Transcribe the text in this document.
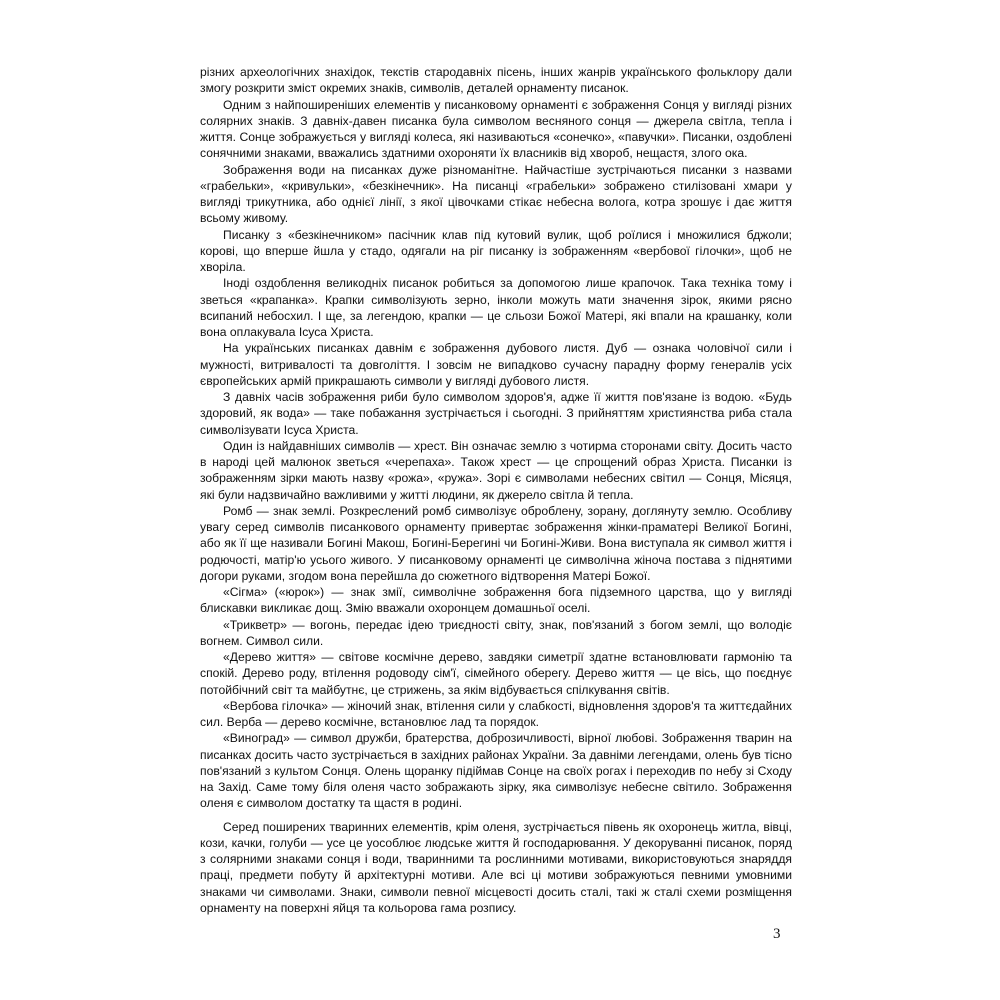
різних археологічних знахідок, текстів стародавніх пісень, інших жанрів українського фольклору дали змогу розкрити зміст окремих знаків, символів, деталей орнаменту писанок.

Одним з найпоширеніших елементів у писанковому орнаменті є зображення Сонця у вигляді різних солярних знаків. З давніх-давен писанка була символом весняного сонця — джерела світла, тепла і життя. Сонце зображується у вигляді колеса, які називаються «сонечко», «павучки». Писанки, оздоблені сонячними знаками, вважались здатними охороняти їх власників від хвороб, нещастя, злого ока.

Зображення води на писанках дуже різноманітне. Найчастіше зустрічаються писанки з назвами «грабельки», «кривульки», «безкінечник». На писанці «грабельки» зображено стилізовані хмари у вигляді трикутника, або однієї лінії, з якої цівочками стікає небесна волога, котра зрошує і дає життя всьому живому.

Писанку з «безкінечником» пасічник клав під кутовий вулик, щоб роїлися і множилися бджоли; корові, що вперше йшла у стадо, одягали на ріг писанку із зображенням «вербової гілочки», щоб не хворіла.

Іноді оздоблення великодніх писанок робиться за допомогою лише крапочок. Така техніка тому і зветься «крапанка». Крапки символізують зерно, інколи можуть мати значення зірок, якими рясно всипаний небосхил. І ще, за легендою, крапки — це сльози Божої Матері, які впали на крашанку, коли вона оплакувала Ісуса Христа.

На українських писанках давнім є зображення дубового листя. Дуб — ознака чоловічої сили і мужності, витривалості та довголіття. І зовсім не випадково сучасну парадну форму генералів усіх європейських армій прикрашають символи у вигляді дубового листя.

З давніх часів зображення риби було символом здоров'я, адже її життя пов'язане із водою. «Будь здоровий, як вода» — таке побажання зустрічається і сьогодні. З прийняттям християнства риба стала символізувати Ісуса Христа.

Один із найдавніших символів — хрест. Він означає землю з чотирма сторонами світу. Досить часто в народі цей малюнок зветься «черепаха». Також хрест — це спрощений образ Христа. Писанки із зображенням зірки мають назву «рожа», «ружа». Зорі є символами небесних світил — Сонця, Місяця, які були надзвичайно важливими у житті людини, як джерело світла й тепла.

Ромб — знак землі. Розкреслений ромб символізує оброблену, зорану, доглянуту землю. Особливу увагу серед символів писанкового орнаменту привертає зображення жінки-праматері Великої Богині, або як її ще називали Богині Макош, Богині-Берегині чи Богині-Живи. Вона виступала як символ життя і родючості, матір'ю усього живого. У писанковому орнаменті це символічна жіноча постава з піднятими догори руками, згодом вона перейшла до сюжетного відтворення Матері Божої.

«Сігма» («юрок») — знак змії, символічне зображення бога підземного царства, що у вигляді блискавки викликає дощ. Змію вважали охоронцем домашньої оселі.

«Трикветр» — вогонь, передає ідею триєдності світу, знак, пов'язаний з богом землі, що володіє вогнем. Символ сили.

«Дерево життя» — світове космічне дерево, завдяки симетрії здатне встановлювати гармонію та спокій. Дерево роду, втілення родоводу сім'ї, сімейного оберегу. Дерево життя — це вісь, що поєднує потойбічний світ та майбутнє, це стрижень, за якім відбувається спілкування світів.

«Вербова гілочка» — жіночий знак, втілення сили у слабкості, відновлення здоров'я та життєдайних сил. Верба — дерево космічне, встановлює лад та порядок.

«Виноград» — символ дружби, братерства, доброзичливості, вірної любові. Зображення тварин на писанках досить часто зустрічається в західних районах України. За давніми легендами, олень був тісно пов'язаний з культом Сонця. Олень щоранку підіймав Сонце на своїх рогах і переходив по небу зі Сходу на Захід. Саме тому біля оленя часто зображають зірку, яка символізує небесне світило. Зображення оленя є символом достатку та щастя в родині.

Серед поширених тваринних елементів, крім оленя, зустрічається півень як охоронець житла, вівці, кози, качки, голуби — усе це уособлює людське життя й господарювання. У декоруванні писанок, поряд з солярними знаками сонця і води, тваринними та рослинними мотивами, використовуються знаряддя праці, предмети побуту й архітектурні мотиви. Але всі ці мотиви зображуються певними умовними знаками чи символами. Знаки, символи певної місцевості досить сталі, такі ж сталі схеми розміщення орнаменту на поверхні яйця та кольорова гама розпису.

3
